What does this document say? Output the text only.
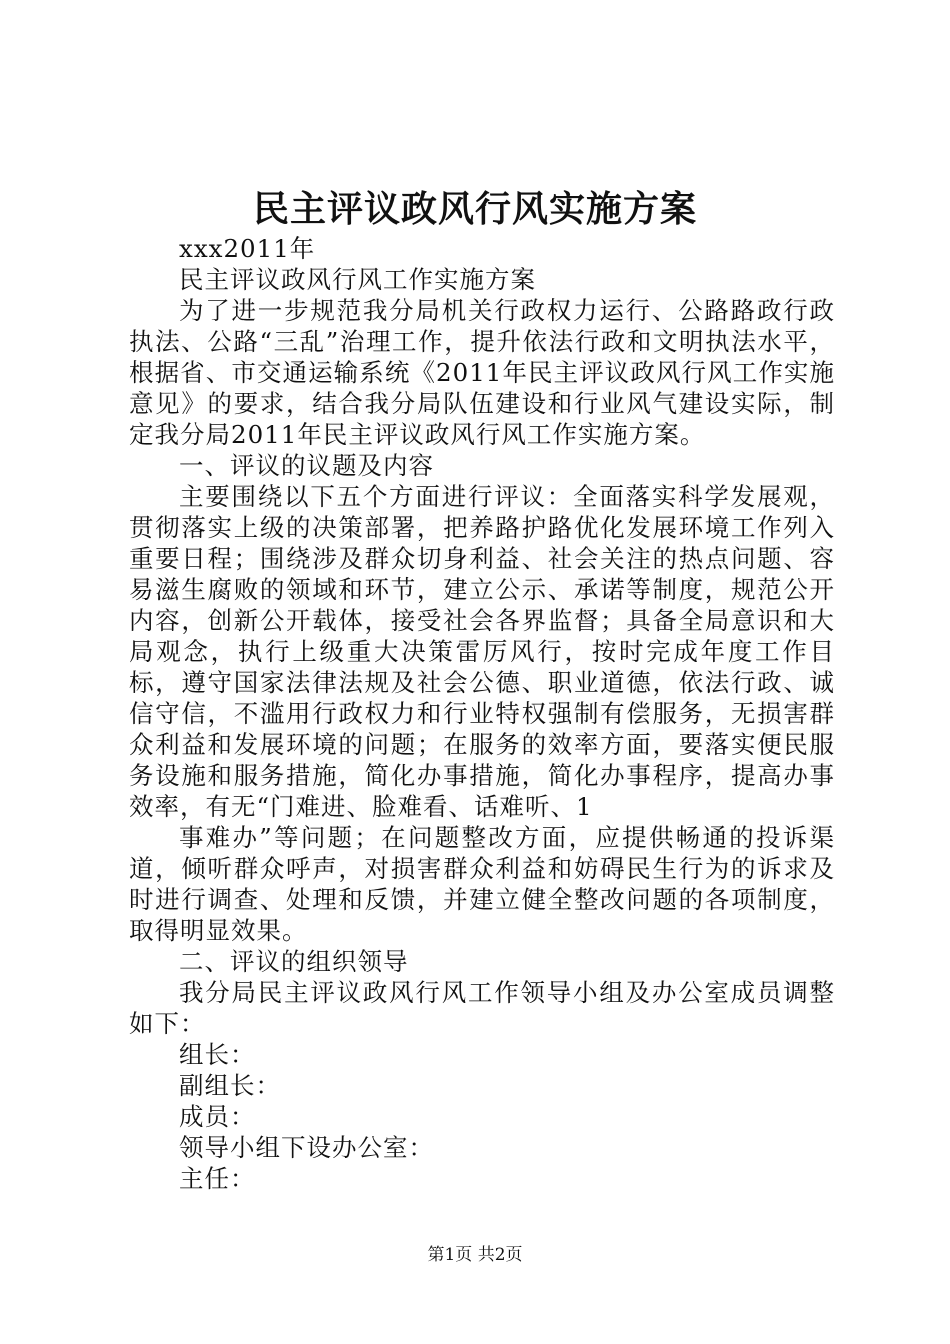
民主评议政风行风实施方案

xxx2011年

民主评议政风行风工作实施方案

为了进一步规范我分局机关行政权力运行、公路路政行政执法、公路“三乱”治理工作，提升依法行政和文明执法水平，根据省、市交通运输系统《2011年民主评议政风行风工作实施意见》的要求，结合我分局队伍建设和行业风气建设实际，制定我分局2011年民主评议政风行风工作实施方案。

一、评议的议题及内容

主要围绕以下五个方面进行评议：全面落实科学发展观，贯彻落实上级的决策部署，把养路护路优化发展环境工作列入重要日程；围绕涉及群众切身利益、社会关注的热点问题、容易滋生腐败的领域和环节，建立公示、承诺等制度，规范公开内容，创新公开载体，接受社会各界监督；具备全局意识和大局观念，执行上级重大决策雷厉风行，按时完成年度工作目标，遵守国家法律法规及社会公德、职业道德，依法行政、诚信守信，不滥用行政权力和行业特权强制有偿服务，无损害群众利益和发展环境的问题；在服务的效率方面，要落实便民服务设施和服务措施，简化办事措施，简化办事程序，提高办事效率，有无“门难进、脸难看、话难听、1

事难办”等问题；在问题整改方面，应提供畅通的投诉渠道，倾听群众呼声，对损害群众利益和妨碍民生行为的诉求及时进行调查、处理和反馈，并建立健全整改问题的各项制度，取得明显效果。

二、评议的组织领导

我分局民主评议政风行风工作领导小组及办公室成员调整如下：

组长：

副组长：

成员：

领导小组下设办公室：

主任：

第1页 共2页
